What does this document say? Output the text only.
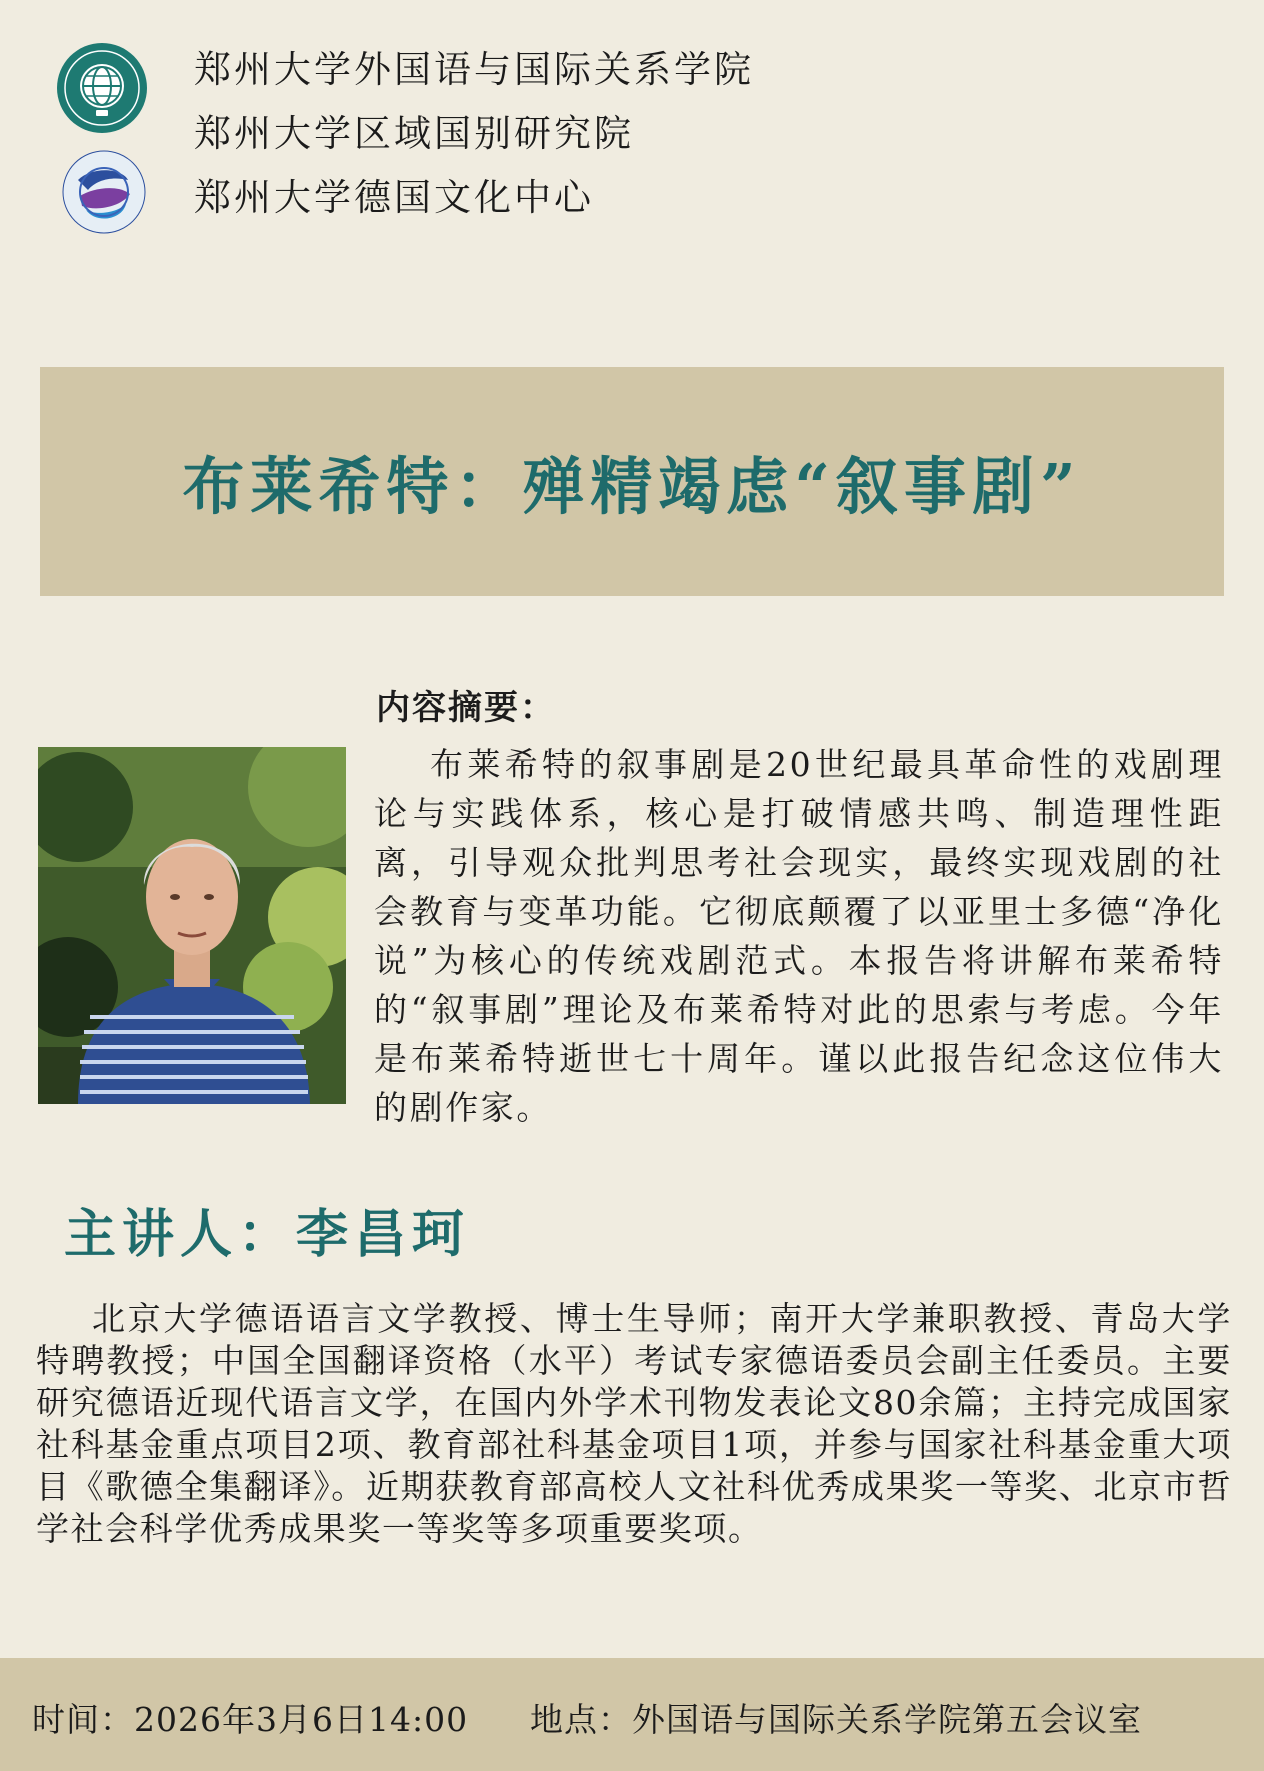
郑州大学外国语与国际关系学院
郑州大学区域国别研究院
郑州大学德国文化中心
布莱希特：殚精竭虑“叙事剧”
内容摘要：
布莱希特的叙事剧是20世纪最具革命性的戏剧理论与实践体系，核心是打破情感共鸣、制造理性距离，引导观众批判思考社会现实，最终实现戏剧的社会教育与变革功能。它彻底颠覆了以亚里士多德“净化说”为核心的传统戏剧范式。本报告将讲解布莱希特的“叙事剧”理论及布莱希特对此的思索与考虑。今年是布莱希特逝世七十周年。谨以此报告纪念这位伟大的剧作家。
主讲人：李昌珂
北京大学德语语言文学教授、博士生导师；南开大学兼职教授、青岛大学特聘教授；中国全国翻译资格（水平）考试专家德语委员会副主任委员。主要研究德语近现代语言文学，在国内外学术刊物发表论文80余篇；主持完成国家社科基金重点项目2项、教育部社科基金项目1项，并参与国家社科基金重大项目《歌德全集翻译》。近期获教育部高校人文社科优秀成果奖一等奖、北京市哲学社会科学优秀成果奖一等奖等多项重要奖项。
时间：2026年3月6日14:00 地点：外国语与国际关系学院第五会议室
